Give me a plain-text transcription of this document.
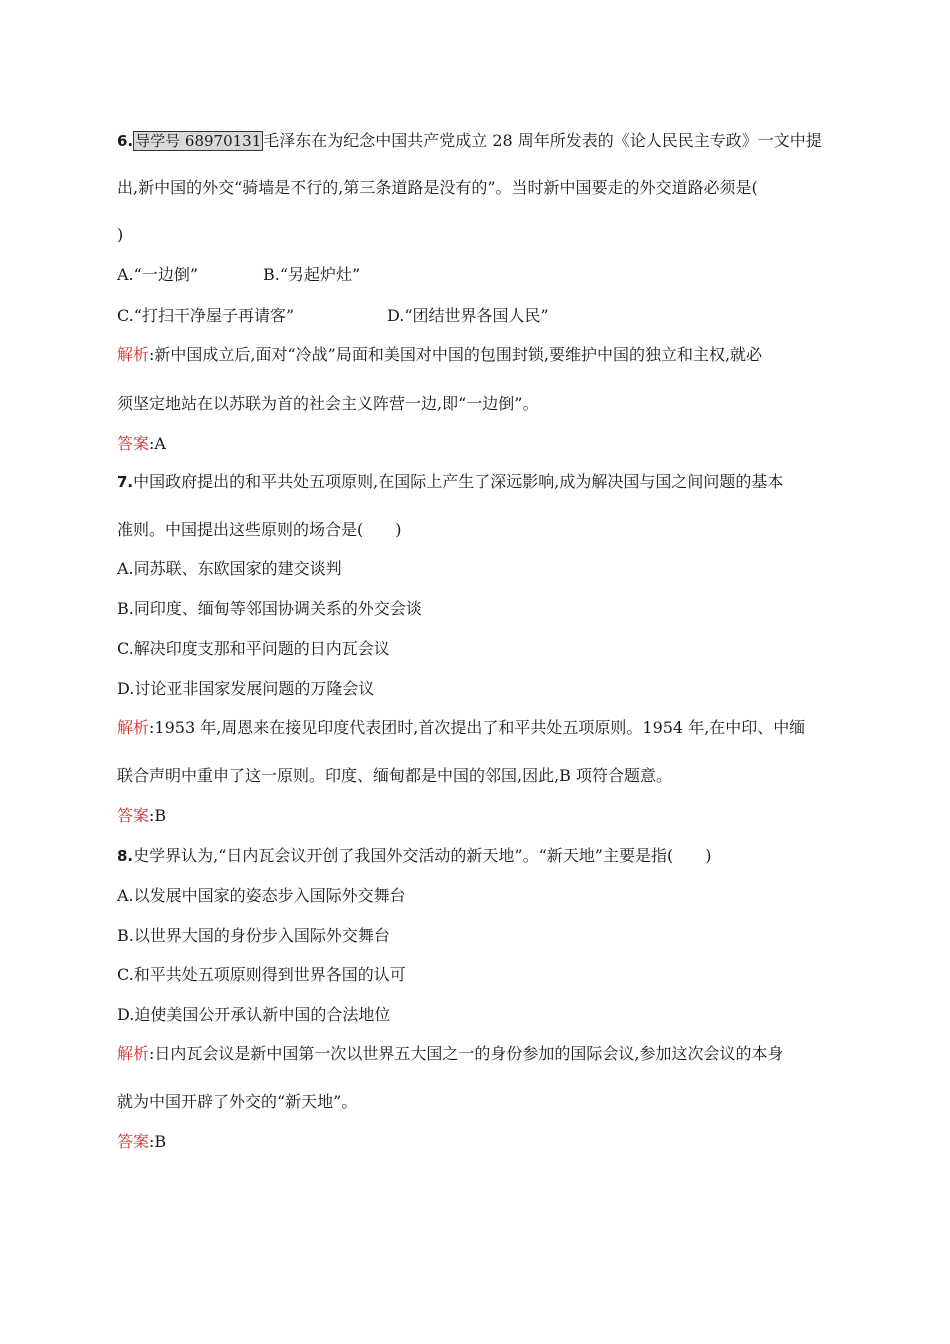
6. 导学号 68970131 毛泽东在为纪念中国共产党成立 28 周年所发表的《论人民民主专政》一文中提
出,新中国的外交“骑墙是不行的,第三条道路是没有的”。当时新中国要走的外交道路必须是(
)
A.“一边倒”	B.“另起炉灶”
C.“打扫干净屋子再请客”	D.“团结世界各国人民”
解析:新中国成立后,面对“冷战”局面和美国对中国的包围封锁,要维护中国的独立和主权,就必
须坚定地站在以苏联为首的社会主义阵营一边,即“一边倒”。
答案:A
7.中国政府提出的和平共处五项原则,在国际上产生了深远影响,成为解决国与国之间问题的基本
准则。中国提出这些原则的场合是(　　)
A.同苏联、东欧国家的建交谈判
B.同印度、缅甸等邻国协调关系的外交会谈
C.解决印度支那和平问题的日内瓦会议
D.讨论亚非国家发展问题的万隆会议
解析:1953 年,周恩来在接见印度代表团时,首次提出了和平共处五项原则。1954 年,在中印、中缅
联合声明中重申了这一原则。印度、缅甸都是中国的邻国,因此,B 项符合题意。
答案:B
8.史学界认为,“日内瓦会议开创了我国外交活动的新天地”。“新天地”主要是指(　　)
A.以发展中国家的姿态步入国际外交舞台
B.以世界大国的身份步入国际外交舞台
C.和平共处五项原则得到世界各国的认可
D.迫使美国公开承认新中国的合法地位
解析:日内瓦会议是新中国第一次以世界五大国之一的身份参加的国际会议,参加这次会议的本身
就为中国开辟了外交的“新天地”。
答案:B
